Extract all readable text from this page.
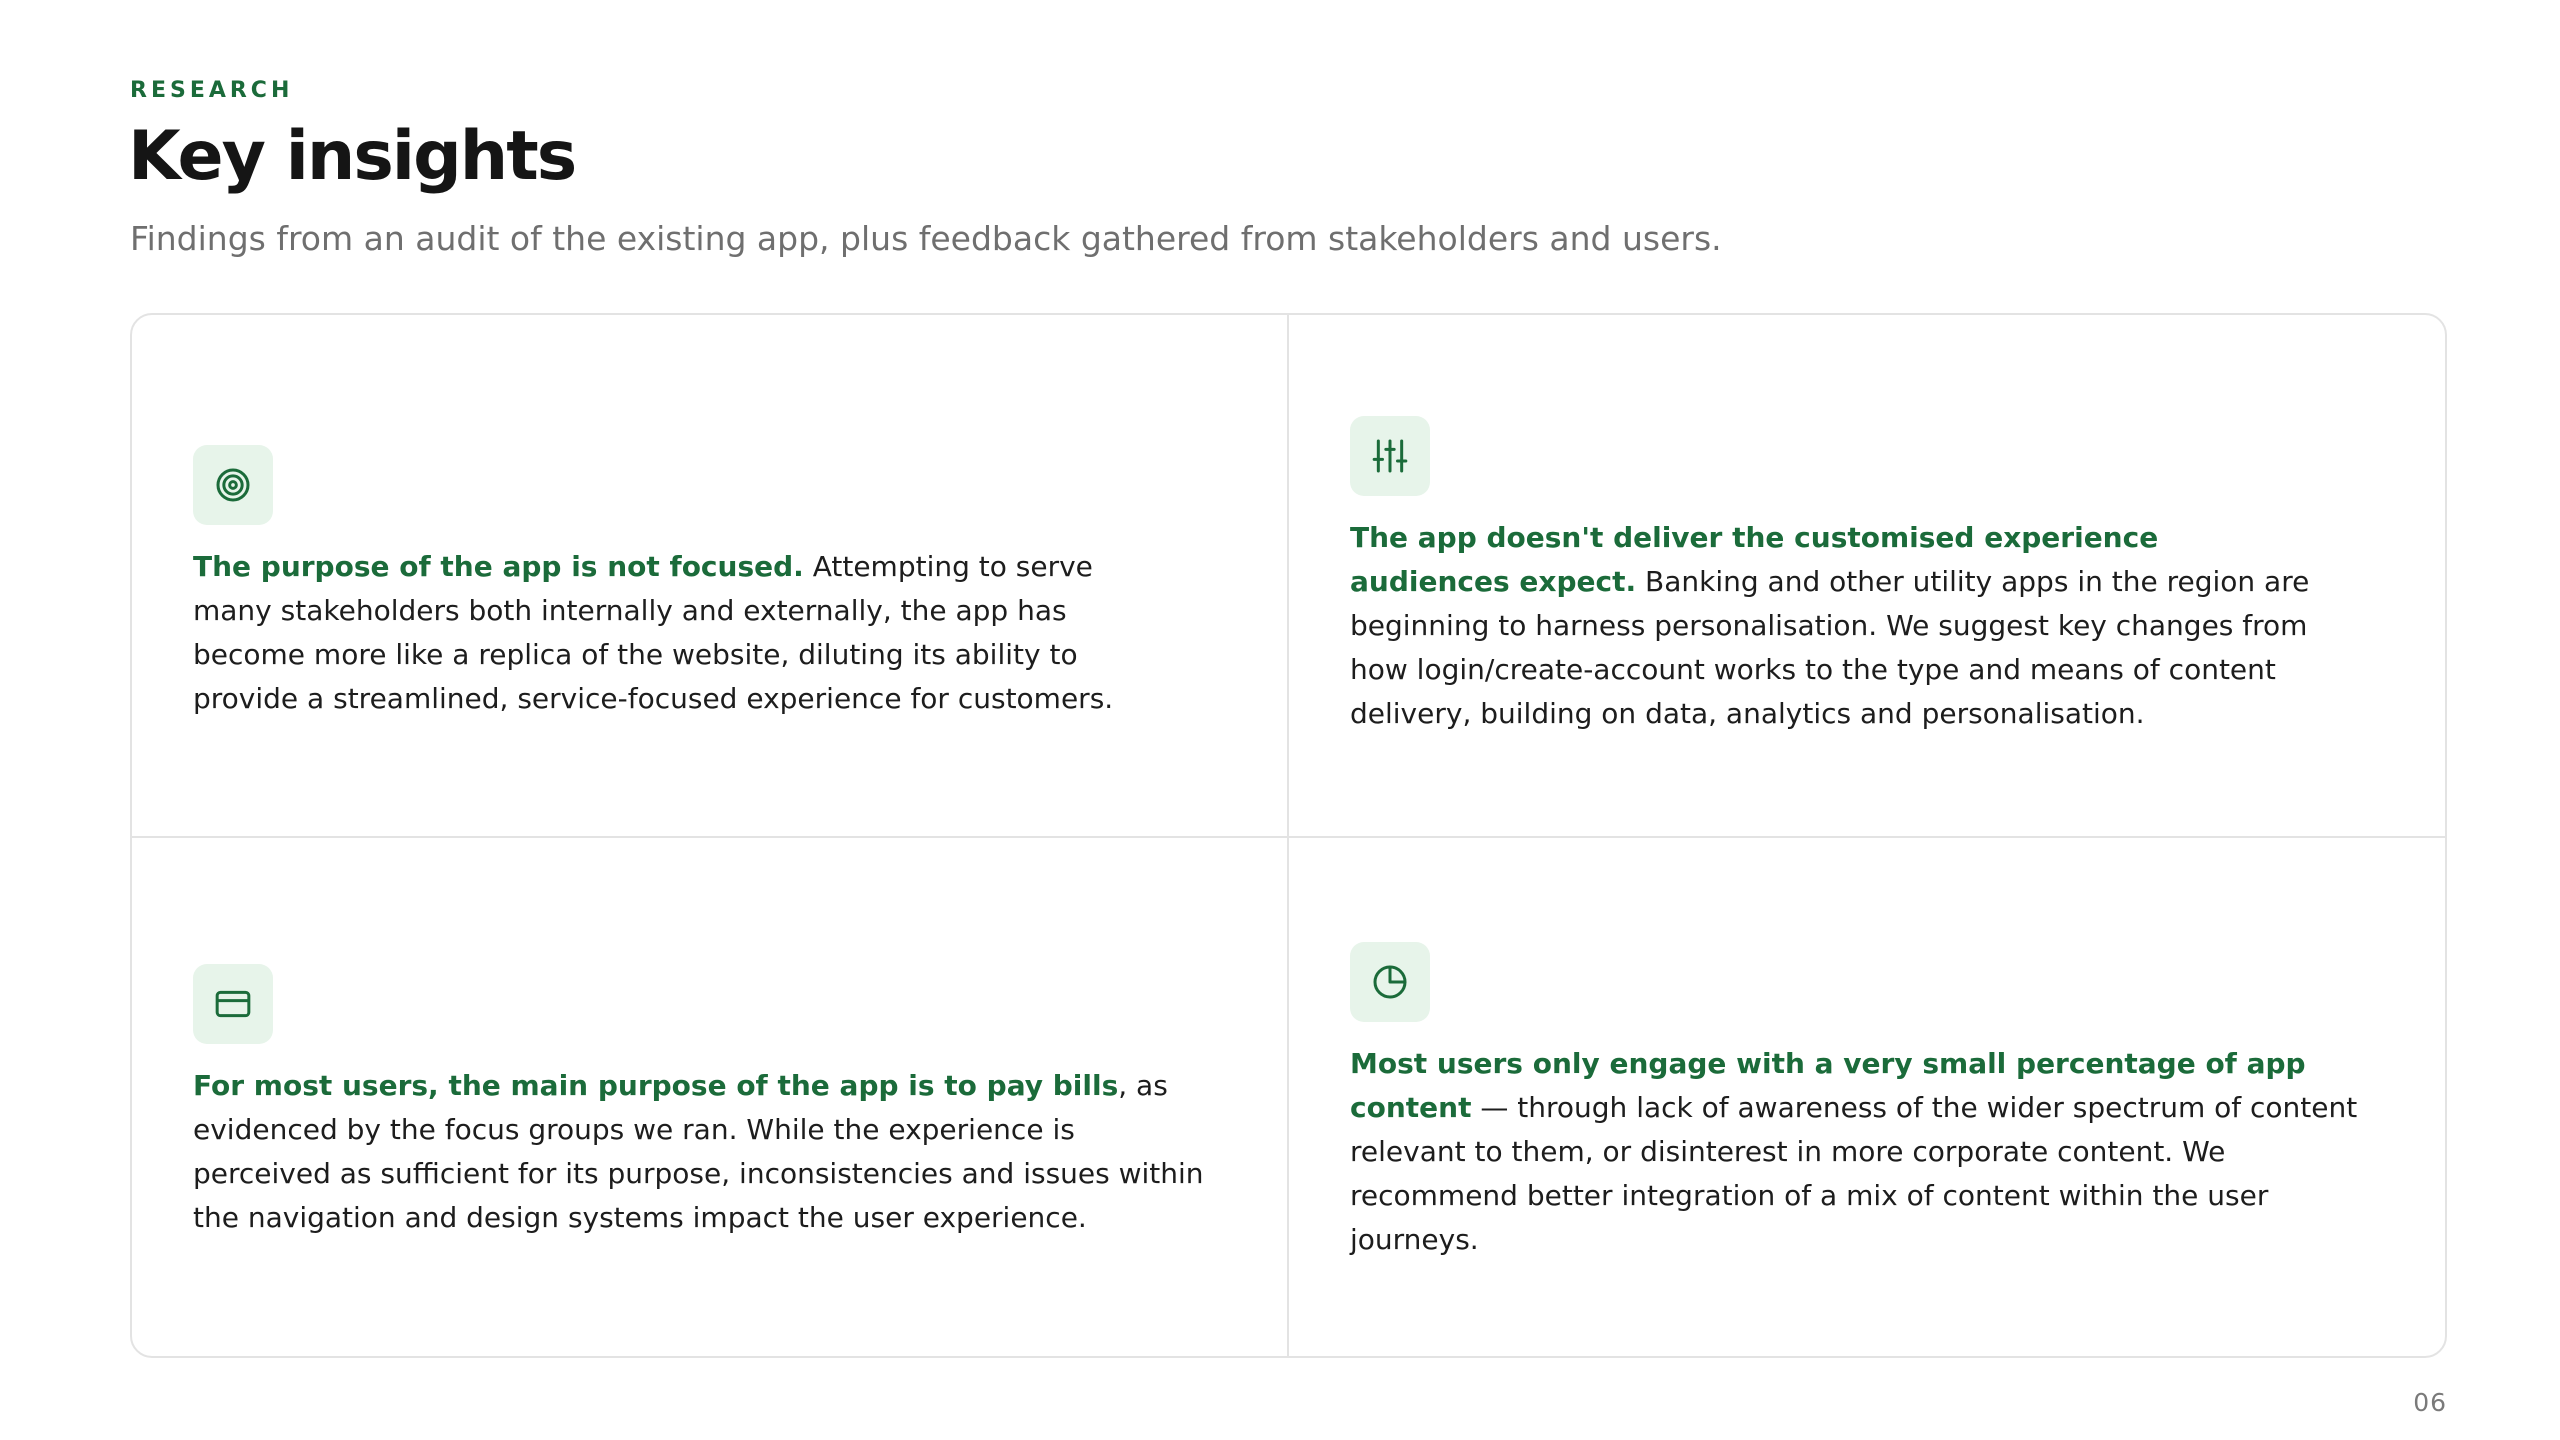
RESEARCH
Key insights

Findings from an audit of the existing app, plus feedback gathered from stakeholders and users.

The purpose of the app is not focused. Attempting to serve many stakeholders both internally and externally, the app has become more like a replica of the website, diluting its ability to provide a streamlined, service-focused experience for customers.

The app doesn't deliver the customised experience audiences expect. Banking and other utility apps in the region are beginning to harness personalisation. We suggest key changes from how login/create-account works to the type and means of content delivery, building on data, analytics and personalisation.

For most users, the main purpose of the app is to pay bills, as evidenced by the focus groups we ran. While the experience is perceived as sufficient for its purpose, inconsistencies and issues within the navigation and design systems impact the user experience.

Most users only engage with a very small percentage of app content — through lack of awareness of the wider spectrum of content relevant to them, or disinterest in more corporate content. We recommend better integration of a mix of content within the user journeys.

06
